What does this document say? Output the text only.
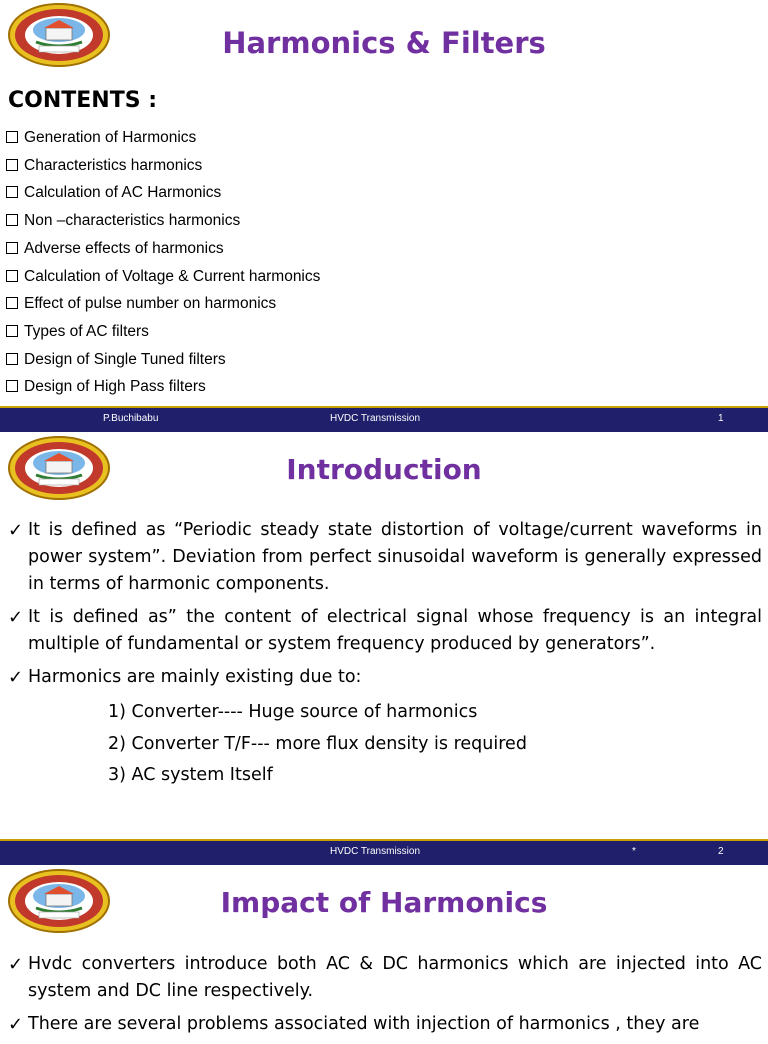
Harmonics & Filters
CONTENTS :
Generation of Harmonics
Characteristics harmonics
Calculation of AC Harmonics
Non –characteristics harmonics
Adverse effects of harmonics
Calculation of Voltage & Current harmonics
Effect of pulse number on harmonics
Types of AC filters
Design of Single Tuned filters
Design of High Pass filters
P.Buchibabu	HVDC Transmission	1
Introduction
✓ It is defined as “Periodic steady state distortion of voltage/current waveforms in power system”. Deviation from perfect sinusoidal waveform is generally expressed in terms of harmonic components.
✓ It is defined as” the content of electrical signal whose frequency is an integral multiple of fundamental or system frequency produced by generators”.
✓ Harmonics are mainly existing due to:
1) Converter---- Huge source of harmonics
2) Converter T/F--- more flux density is required
3) AC system Itself
HVDC Transmission	*	2
Impact of Harmonics
✓ Hvdc converters introduce both AC & DC harmonics which are injected into AC system and DC line respectively.
✓ There are several problems associated with injection of harmonics , they are
